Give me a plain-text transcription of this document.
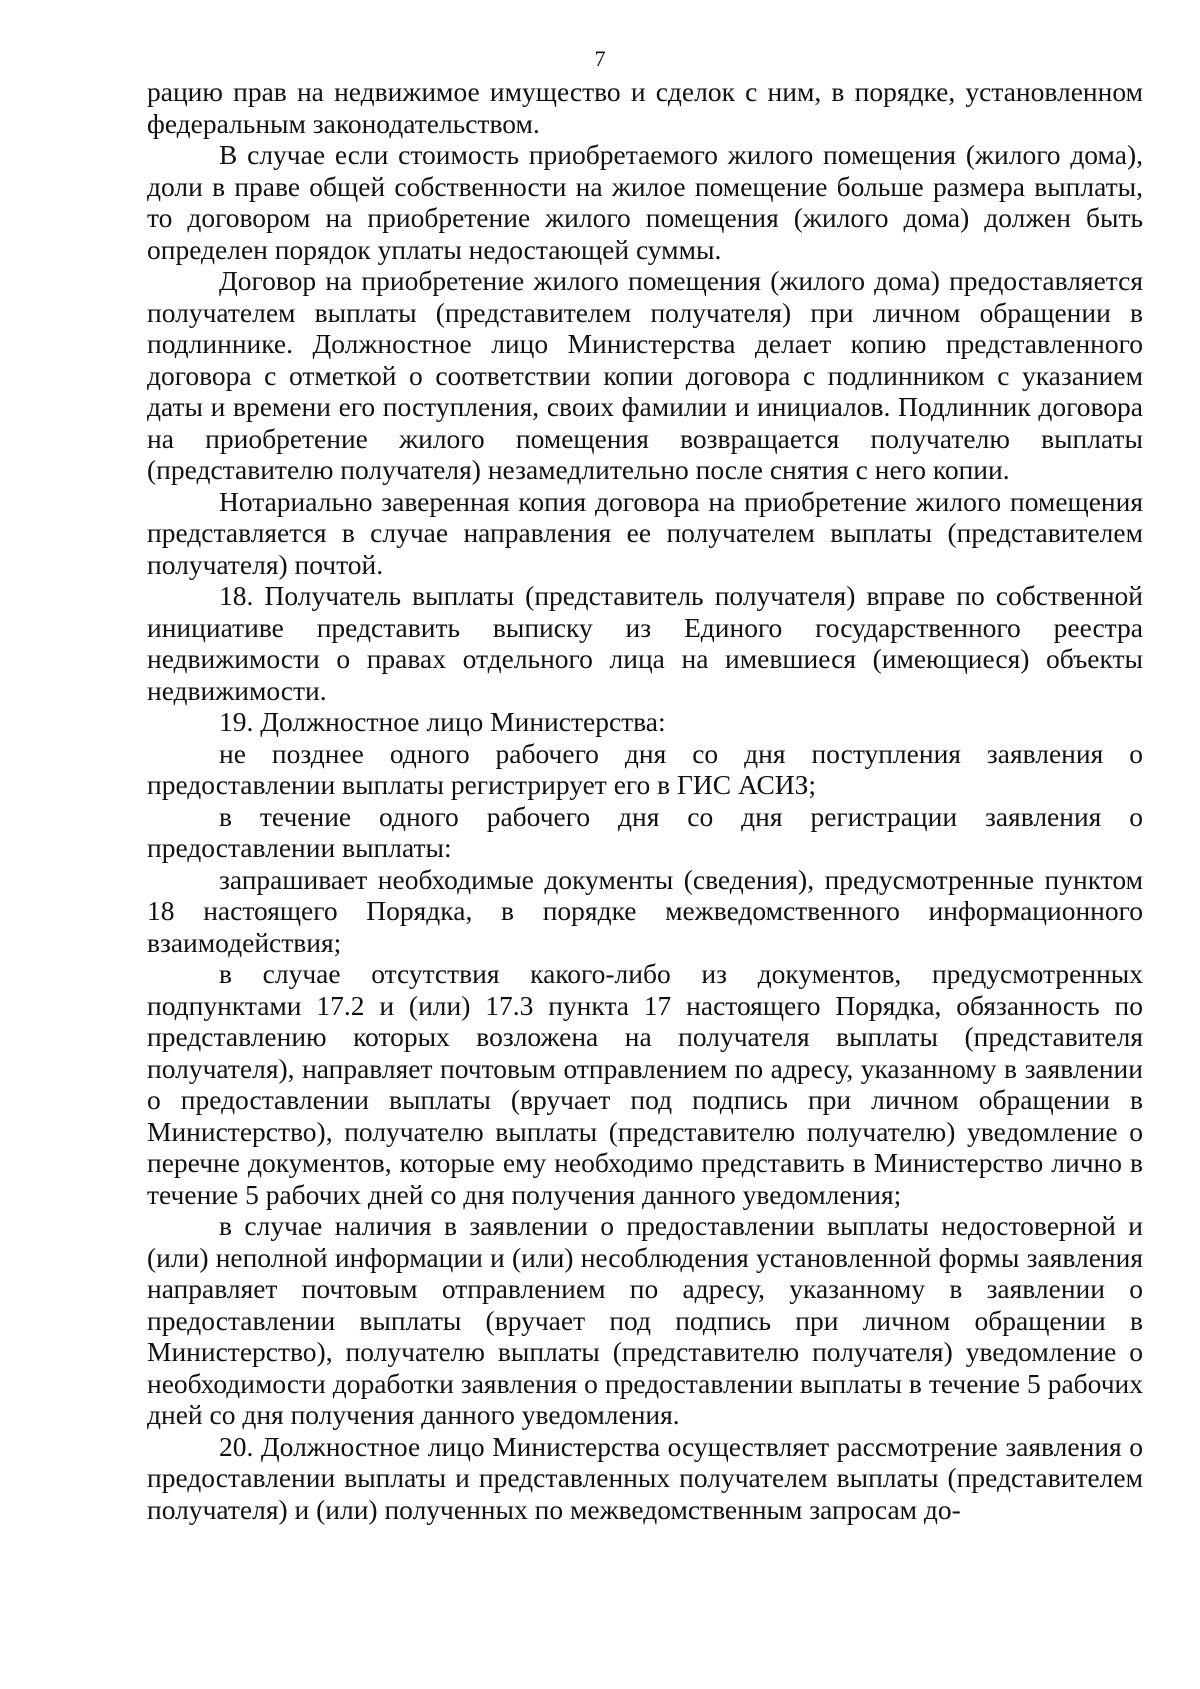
7

рацию прав на недвижимое имущество и сделок с ним, в порядке, установленном федеральным законодательством.

В случае если стоимость приобретаемого жилого помещения (жилого дома), доли в праве общей собственности на жилое помещение больше размера выплаты, то договором на приобретение жилого помещения (жилого дома) должен быть определен порядок уплаты недостающей суммы.

Договор на приобретение жилого помещения (жилого дома) предоставляется получателем выплаты (представителем получателя) при личном обращении в подлиннике. Должностное лицо Министерства делает копию представленного договора с отметкой о соответствии копии договора с подлинником с указанием даты и времени его поступления, своих фамилии и инициалов. Подлинник договора на приобретение жилого помещения возвращается получателю выплаты (представителю получателя) незамедлительно после снятия с него копии.

Нотариально заверенная копия договора на приобретение жилого помещения представляется в случае направления ее получателем выплаты (представителем получателя) почтой.

18. Получатель выплаты (представитель получателя) вправе по собственной инициативе представить выписку из Единого государственного реестра недвижимости о правах отдельного лица на имевшиеся (имеющиеся) объекты недвижимости.

19. Должностное лицо Министерства:

не позднее одного рабочего дня со дня поступления заявления о предоставлении выплаты регистрирует его в ГИС АСИЗ;

в течение одного рабочего дня со дня регистрации заявления о предоставлении выплаты:

запрашивает необходимые документы (сведения), предусмотренные пунктом 18 настоящего Порядка, в порядке межведомственного информационного взаимодействия;

в случае отсутствия какого-либо из документов, предусмотренных подпунктами 17.2 и (или) 17.3 пункта 17 настоящего Порядка, обязанность по представлению которых возложена на получателя выплаты (представителя получателя), направляет почтовым отправлением по адресу, указанному в заявлении о предоставлении выплаты (вручает под подпись при личном обращении в Министерство), получателю выплаты (представителю получателю) уведомление о перечне документов, которые ему необходимо представить в Министерство лично в течение 5 рабочих дней со дня получения данного уведомления;

в случае наличия в заявлении о предоставлении выплаты недостоверной и (или) неполной информации и (или) несоблюдения установленной формы заявления направляет почтовым отправлением по адресу, указанному в заявлении о предоставлении выплаты (вручает под подпись при личном обращении в Министерство), получателю выплаты (представителю получателя) уведомление о необходимости доработки заявления о предоставлении выплаты в течение 5 рабочих дней со дня получения данного уведомления.

20. Должностное лицо Министерства осуществляет рассмотрение заявления о предоставлении выплаты и представленных получателем выплаты (представителем получателя) и (или) полученных по межведомственным запросам до-
